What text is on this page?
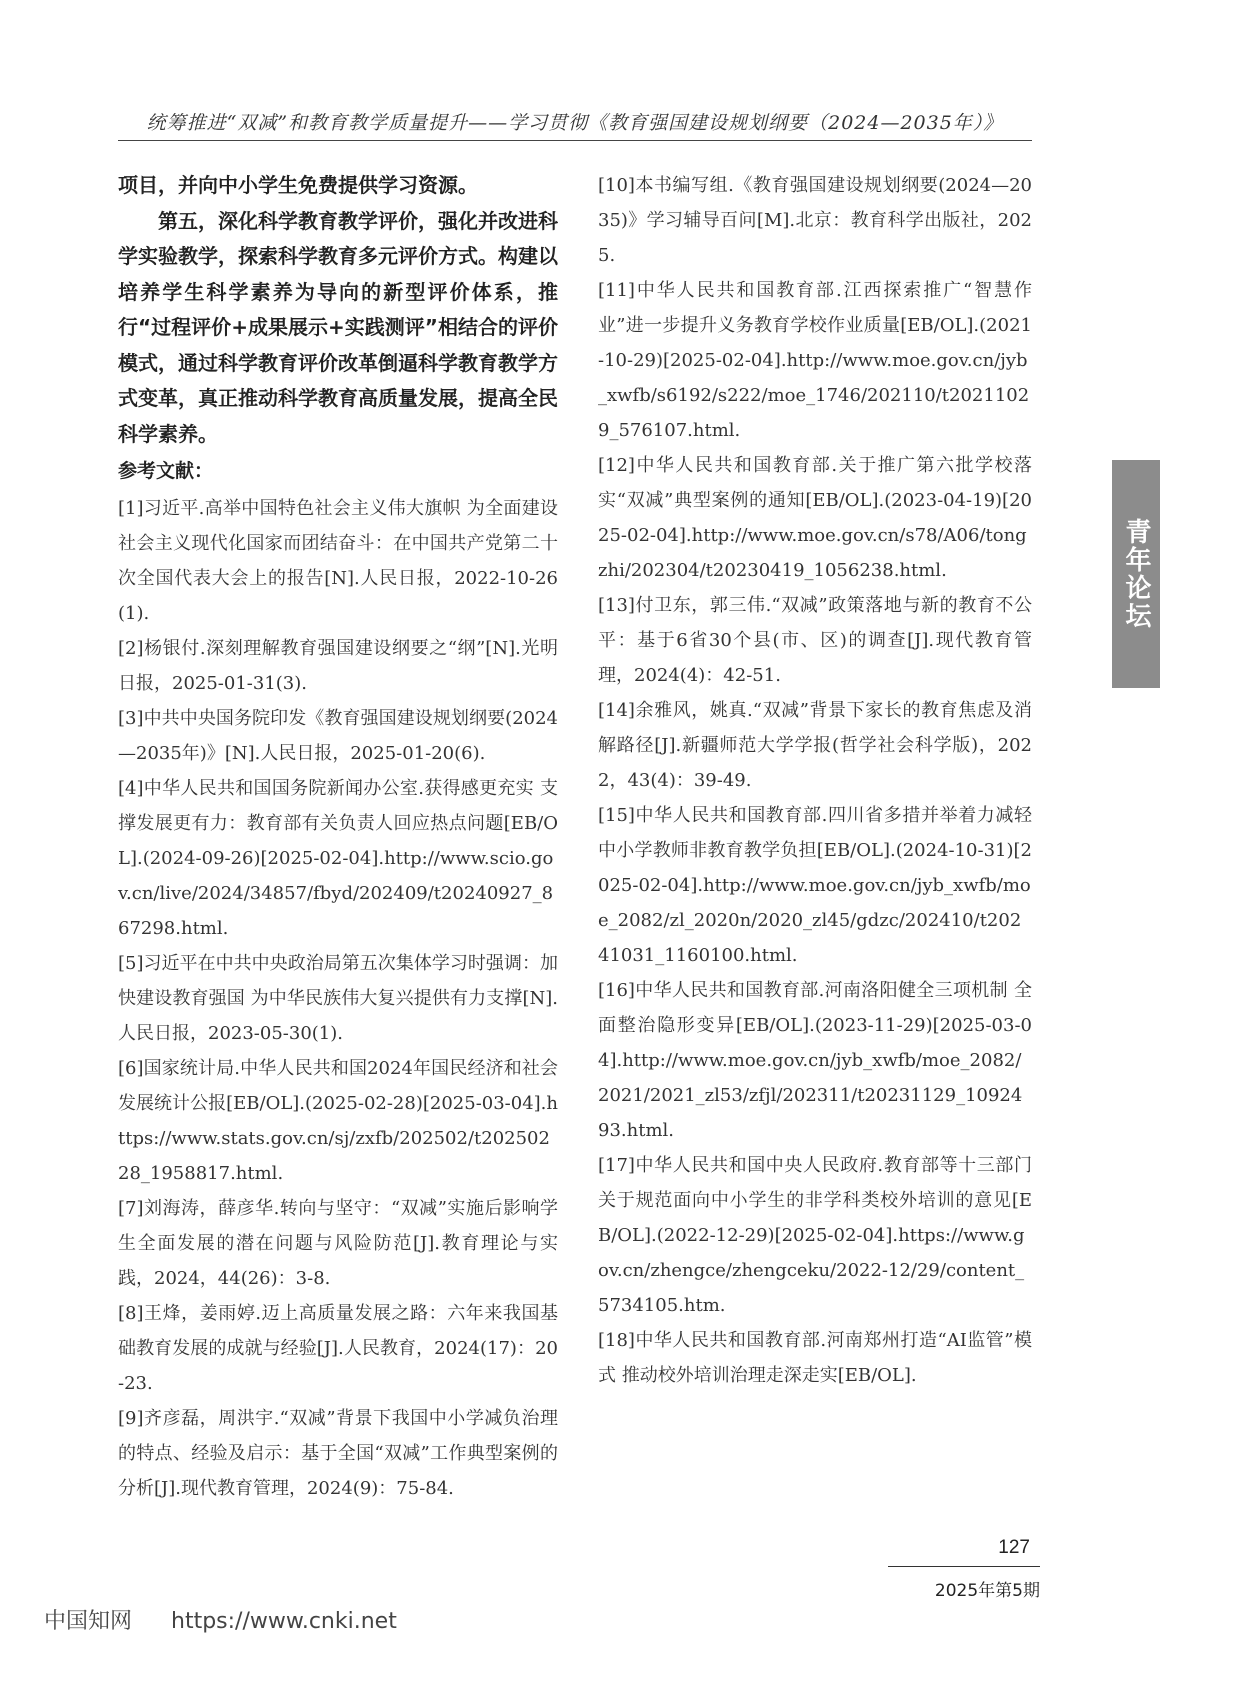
统筹推进“双减”和教育教学质量提升——学习贯彻《教育强国建设规划纲要（2024—2035年）》

项目，并向中小学生免费提供学习资源。

第五，深化科学教育教学评价，强化并改进科学实验教学，探索科学教育多元评价方式。构建以培养学生科学素养为导向的新型评价体系，推行“过程评价+成果展示+实践测评”相结合的评价模式，通过科学教育评价改革倒逼科学教育教学方式变革，真正推动科学教育高质量发展，提高全民科学素养。

参考文献：

[1]习近平.高举中国特色社会主义伟大旗帜 为全面建设社会主义现代化国家而团结奋斗：在中国共产党第二十次全国代表大会上的报告[N].人民日报，2022-10-26(1).

[2]杨银付.深刻理解教育强国建设纲要之“纲”[N].光明日报，2025-01-31(3).

[3]中共中央国务院印发《教育强国建设规划纲要(2024—2035年)》[N].人民日报，2025-01-20(6).

[4]中华人民共和国国务院新闻办公室.获得感更充实 支撑发展更有力：教育部有关负责人回应热点问题[EB/OL].(2024-09-26)[2025-02-04].http://www.scio.gov.cn/live/2024/34857/fbyd/202409/t20240927_867298.html.

[5]习近平在中共中央政治局第五次集体学习时强调：加快建设教育强国 为中华民族伟大复兴提供有力支撑[N].人民日报，2023-05-30(1).

[6]国家统计局.中华人民共和国2024年国民经济和社会发展统计公报[EB/OL].(2025-02-28)[2025-03-04].https://www.stats.gov.cn/sj/zxfb/202502/t20250228_1958817.html.

[7]刘海涛，薛彦华.转向与坚守：“双减”实施后影响学生全面发展的潜在问题与风险防范[J].教育理论与实践，2024，44(26)：3-8.

[8]王烽，姜雨婷.迈上高质量发展之路：六年来我国基础教育发展的成就与经验[J].人民教育，2024(17)：20-23.

[9]齐彦磊，周洪宇.“双减”背景下我国中小学减负治理的特点、经验及启示：基于全国“双减”工作典型案例的分析[J].现代教育管理，2024(9)：75-84.

[10]本书编写组.《教育强国建设规划纲要(2024—2035)》学习辅导百问[M].北京：教育科学出版社，2025.

[11]中华人民共和国教育部.江西探索推广“智慧作业”进一步提升义务教育学校作业质量[EB/OL].(2021-10-29)[2025-02-04].http://www.moe.gov.cn/jyb_xwfb/s6192/s222/moe_1746/202110/t20211029_576107.html.

[12]中华人民共和国教育部.关于推广第六批学校落实“双减”典型案例的通知[EB/OL].(2023-04-19)[2025-02-04].http://www.moe.gov.cn/s78/A06/tongzhi/202304/t20230419_1056238.html.

[13]付卫东，郭三伟.“双减”政策落地与新的教育不公平：基于6省30个县(市、区)的调查[J].现代教育管理，2024(4)：42-51.

[14]余雅风，姚真.“双减”背景下家长的教育焦虑及消解路径[J].新疆师范大学学报(哲学社会科学版)，2022，43(4)：39-49.

[15]中华人民共和国教育部.四川省多措并举着力减轻中小学教师非教育教学负担[EB/OL].(2024-10-31)[2025-02-04].http://www.moe.gov.cn/jyb_xwfb/moe_2082/zl_2020n/2020_zl45/gdzc/202410/t20241031_1160100.html.

[16]中华人民共和国教育部.河南洛阳健全三项机制 全面整治隐形变异[EB/OL].(2023-11-29)[2025-03-04].http://www.moe.gov.cn/jyb_xwfb/moe_2082/2021/2021_zl53/zfjl/202311/t20231129_1092493.html.

[17]中华人民共和国中央人民政府.教育部等十三部门关于规范面向中小学生的非学科类校外培训的意见[EB/OL].(2022-12-29)[2025-02-04].https://www.gov.cn/zhengce/zhengceku/2022-12/29/content_5734105.htm.

[18]中华人民共和国教育部.河南郑州打造“AI监管”模式 推动校外培训治理走深走实[EB/OL].

青年论坛
127
2025年第5期
中国知网 https://www.cnki.net
